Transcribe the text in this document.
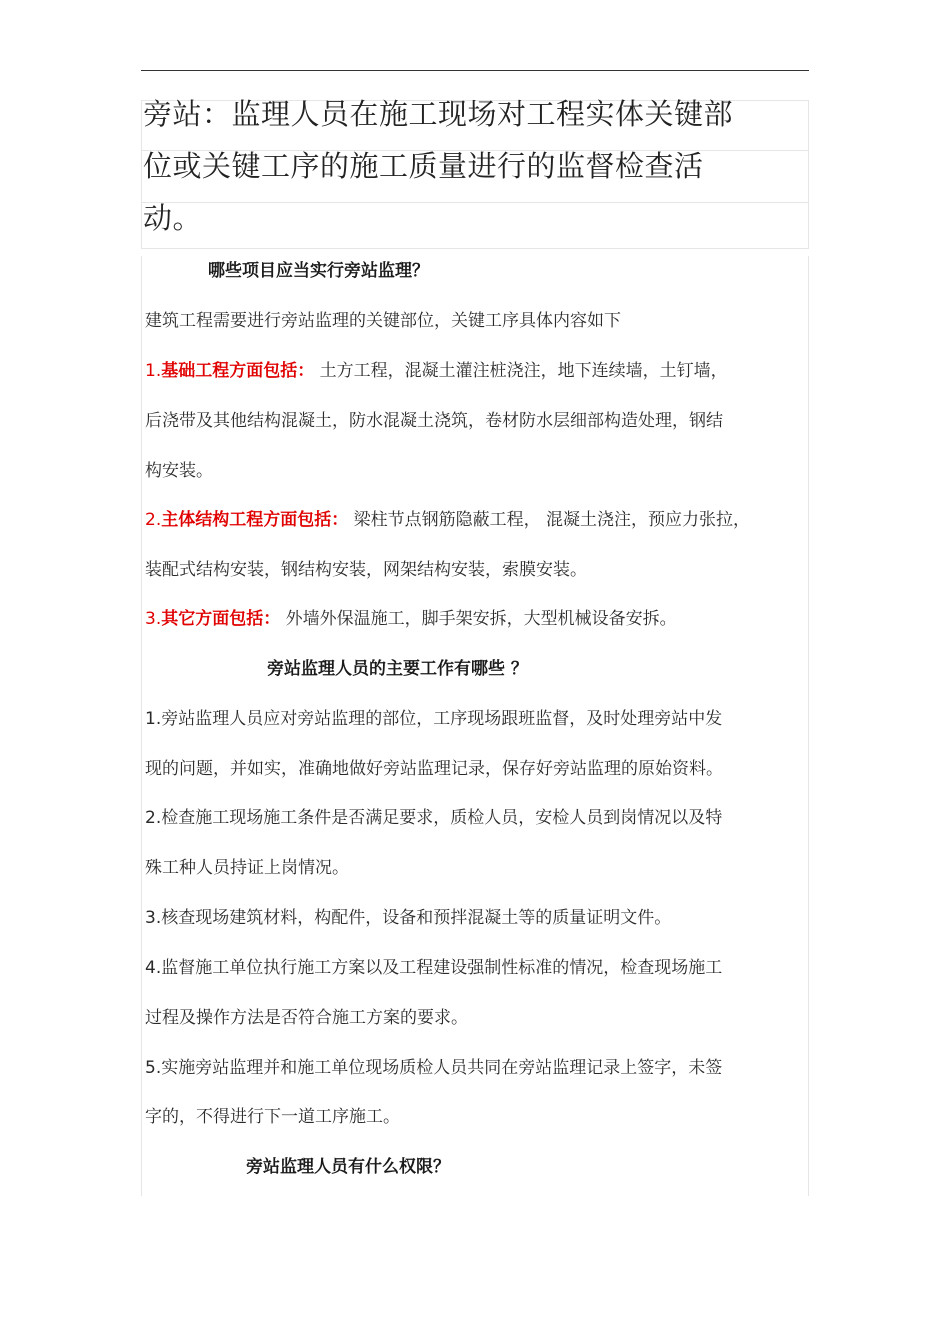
旁站：监理人员在施工现场对工程实体关键部
位或关键工序的施工质量进行的监督检查活
动。
哪些项目应当实行旁站监理？
建筑工程需要进行旁站监理的关键部位，关键工序具体内容如下
1.基础工程方面包括： 土方工程，混凝土灌注桩浇注，地下连续墙，土钉墙，
后浇带及其他结构混凝土，防水混凝土浇筑，卷材防水层细部构造处理，钢结
构安装。
2.主体结构工程方面包括： 梁柱节点钢筋隐蔽工程， 混凝土浇注，预应力张拉，
装配式结构安装，钢结构安装，网架结构安装，索膜安装。
3.其它方面包括： 外墙外保温施工，脚手架安拆，大型机械设备安拆。
旁站监理人员的主要工作有哪些 ？
1.旁站监理人员应对旁站监理的部位，工序现场跟班监督，及时处理旁站中发
现的问题，并如实，准确地做好旁站监理记录，保存好旁站监理的原始资料。
2.检查施工现场施工条件是否满足要求，质检人员，安检人员到岗情况以及特
殊工种人员持证上岗情况。
3.核查现场建筑材料，构配件，设备和预拌混凝土等的质量证明文件。
4.监督施工单位执行施工方案以及工程建设强制性标准的情况，检查现场施工
过程及操作方法是否符合施工方案的要求。
5.实施旁站监理并和施工单位现场质检人员共同在旁站监理记录上签字，未签
字的，不得进行下一道工序施工。
旁站监理人员有什么权限？
